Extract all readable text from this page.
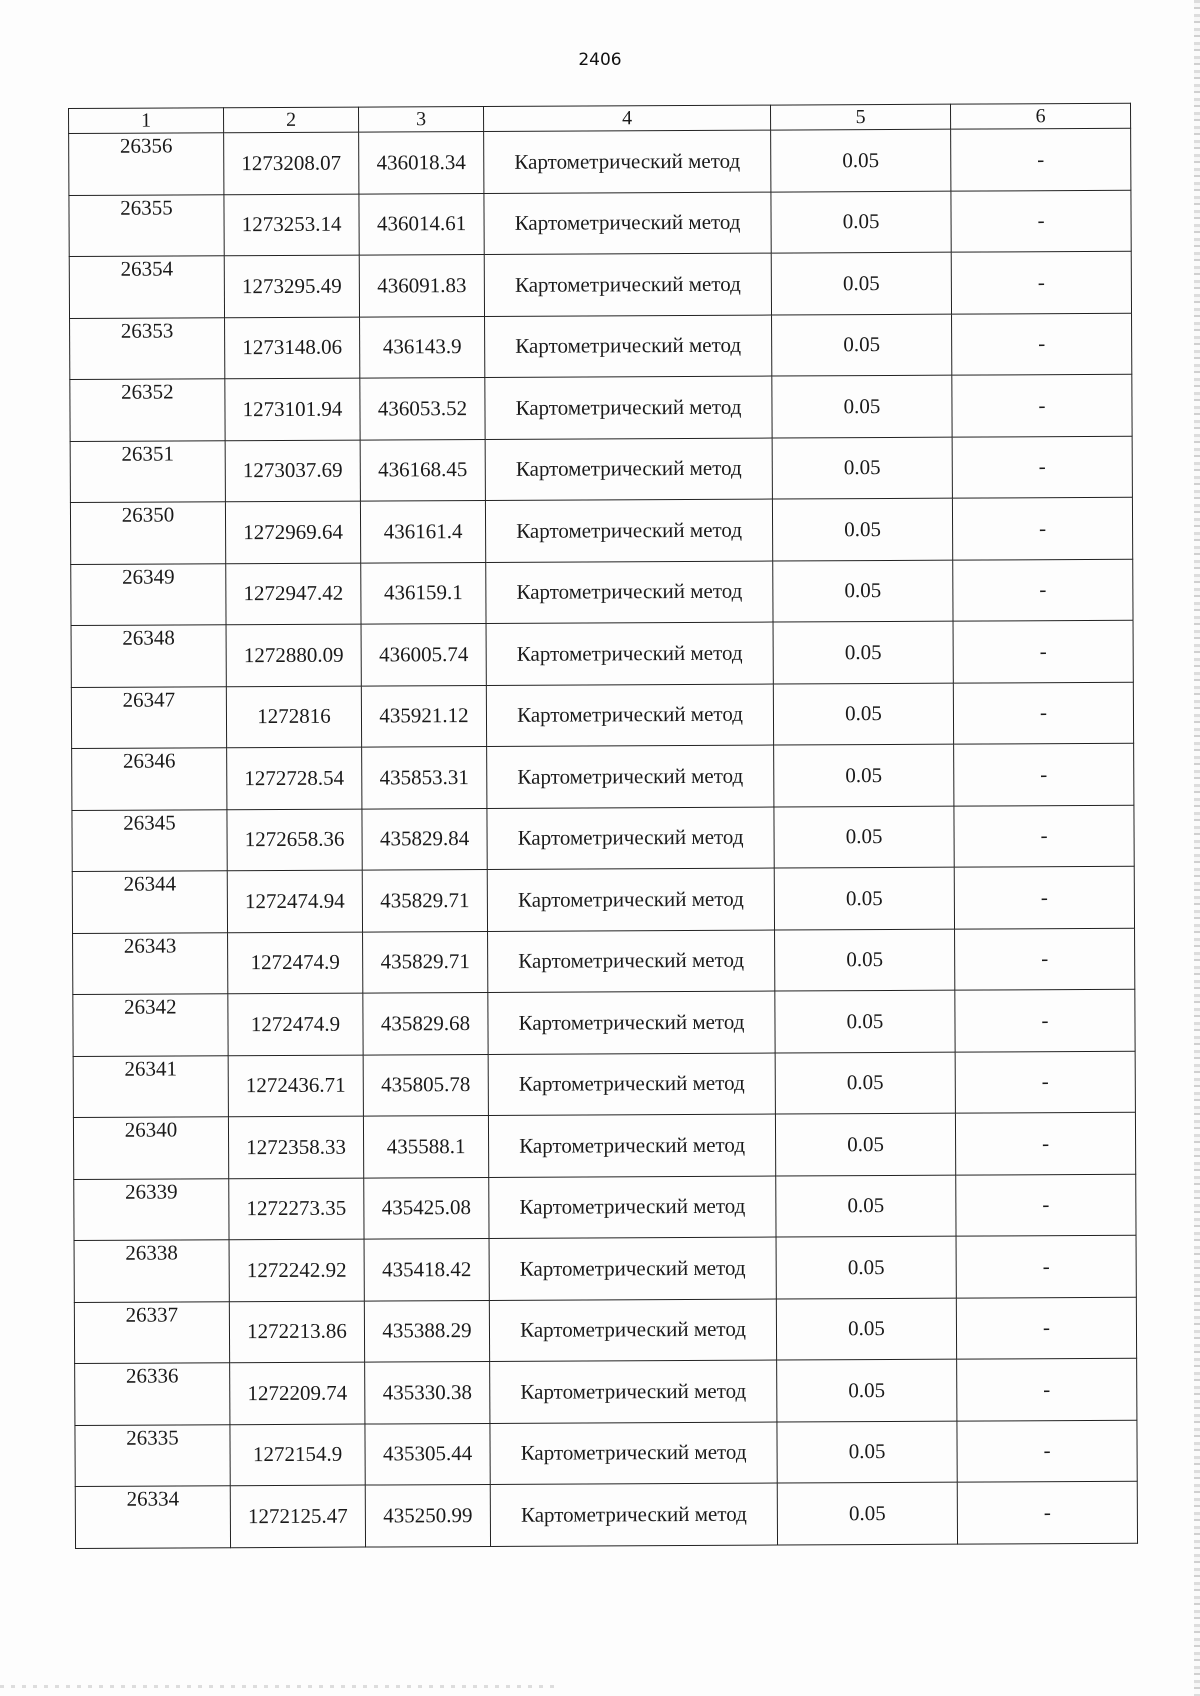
2406
1	2	3	4	5	6
26356	1273208.07	436018.34	Картометрический метод	0.05	-
26355	1273253.14	436014.61	Картометрический метод	0.05	-
26354	1273295.49	436091.83	Картометрический метод	0.05	-
26353	1273148.06	436143.9	Картометрический метод	0.05	-
26352	1273101.94	436053.52	Картометрический метод	0.05	-
26351	1273037.69	436168.45	Картометрический метод	0.05	-
26350	1272969.64	436161.4	Картометрический метод	0.05	-
26349	1272947.42	436159.1	Картометрический метод	0.05	-
26348	1272880.09	436005.74	Картометрический метод	0.05	-
26347	1272816	435921.12	Картометрический метод	0.05	-
26346	1272728.54	435853.31	Картометрический метод	0.05	-
26345	1272658.36	435829.84	Картометрический метод	0.05	-
26344	1272474.94	435829.71	Картометрический метод	0.05	-
26343	1272474.9	435829.71	Картометрический метод	0.05	-
26342	1272474.9	435829.68	Картометрический метод	0.05	-
26341	1272436.71	435805.78	Картометрический метод	0.05	-
26340	1272358.33	435588.1	Картометрический метод	0.05	-
26339	1272273.35	435425.08	Картометрический метод	0.05	-
26338	1272242.92	435418.42	Картометрический метод	0.05	-
26337	1272213.86	435388.29	Картометрический метод	0.05	-
26336	1272209.74	435330.38	Картометрический метод	0.05	-
26335	1272154.9	435305.44	Картометрический метод	0.05	-
26334	1272125.47	435250.99	Картометрический метод	0.05	-
